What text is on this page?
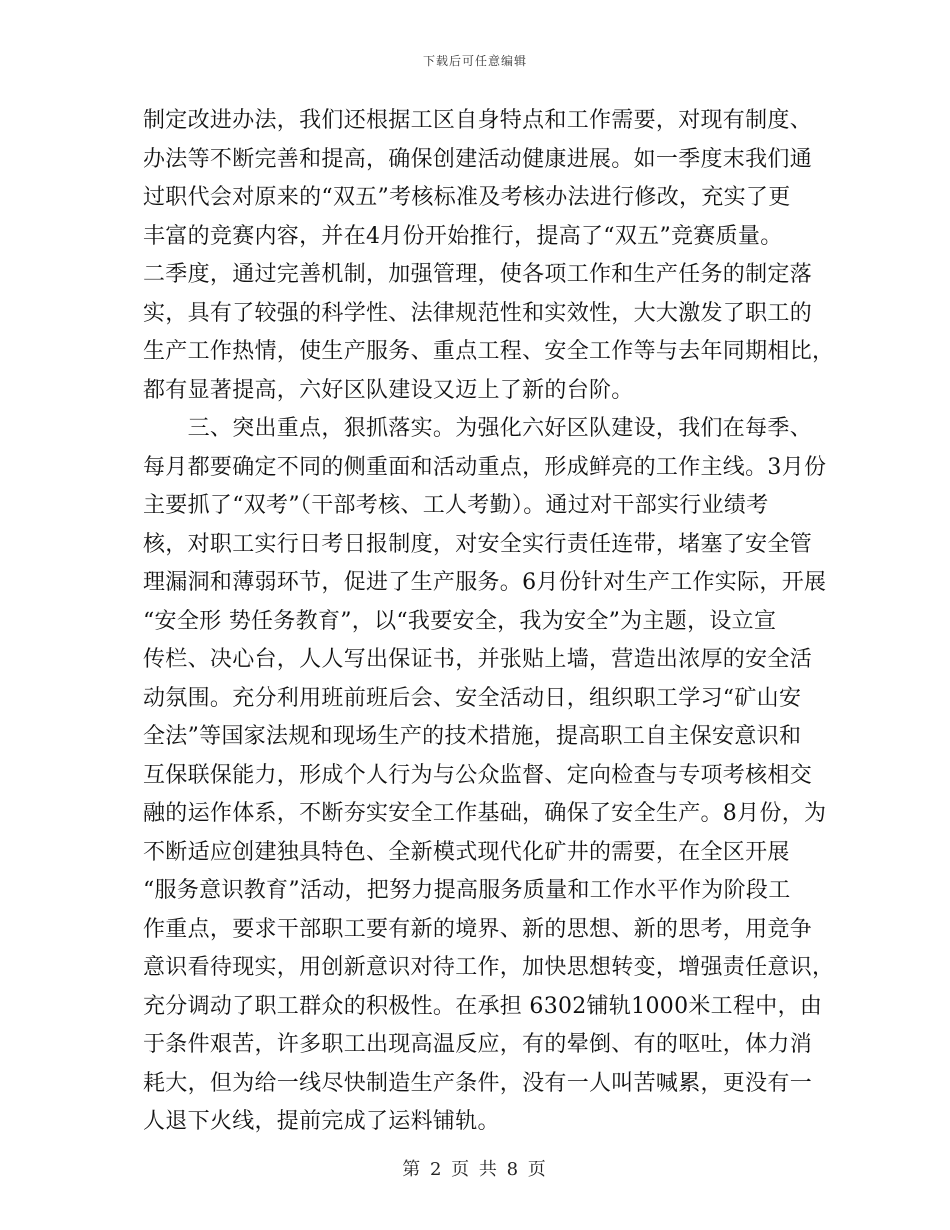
下载后可任意编辑
制定改进办法，我们还根据工区自身特点和工作需要，对现有制度、
办法等不断完善和提高，确保创建活动健康进展。如一季度末我们通
过职代会对原来的“双五”考核标准及考核办法进行修改，充实了更
丰富的竞赛内容，并在4月份开始推行，提高了“双五”竞赛质量。
二季度，通过完善机制，加强管理，使各项工作和生产任务的制定落
实，具有了较强的科学性、法律规范性和实效性，大大激发了职工的
生产工作热情，使生产服务、重点工程、安全工作等与去年同期相比，
都有显著提高，六好区队建设又迈上了新的台阶。
　　三、突出重点，狠抓落实。为强化六好区队建设，我们在每季、
每月都要确定不同的侧重面和活动重点，形成鲜亮的工作主线。3月份
主要抓了“双考”（干部考核、工人考勤）。通过对干部实行业绩考
核，对职工实行日考日报制度，对安全实行责任连带，堵塞了安全管
理漏洞和薄弱环节，促进了生产服务。6月份针对生产工作实际，开展
“安全形 势任务教育”，以“我要安全，我为安全”为主题，设立宣
传栏、决心台，人人写出保证书，并张贴上墙，营造出浓厚的安全活
动氛围。充分利用班前班后会、安全活动日，组织职工学习“矿山安
全法”等国家法规和现场生产的技术措施，提高职工自主保安意识和
互保联保能力，形成个人行为与公众监督、定向检查与专项考核相交
融的运作体系，不断夯实安全工作基础，确保了安全生产。8月份，为
不断适应创建独具特色、全新模式现代化矿井的需要，在全区开展
“服务意识教育”活动，把努力提高服务质量和工作水平作为阶段工
作重点，要求干部职工要有新的境界、新的思想、新的思考，用竞争
意识看待现实，用创新意识对待工作，加快思想转变，增强责任意识，
充分调动了职工群众的积极性。在承担 6302铺轨1000米工程中，由
于条件艰苦，许多职工出现高温反应，有的晕倒、有的呕吐，体力消
耗大，但为给一线尽快制造生产条件，没有一人叫苦喊累，更没有一
人退下火线，提前完成了运料铺轨。
第 2 页 共 8 页
